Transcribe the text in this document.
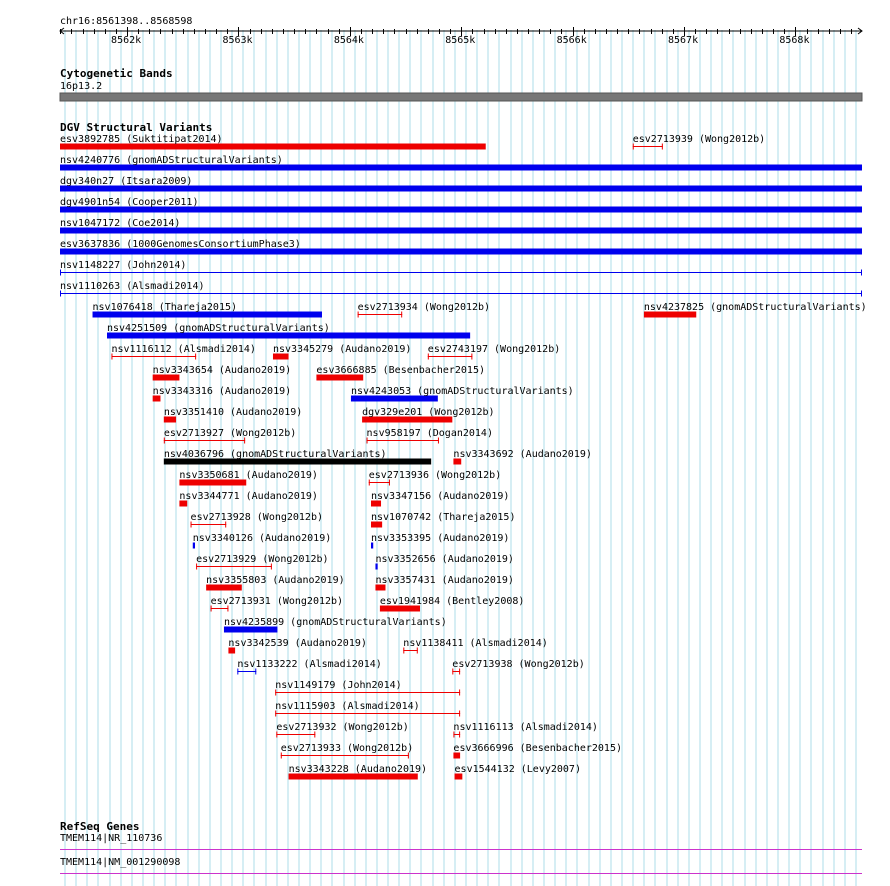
chr16:8561398..8568598
8562k	8563k	8564k	8565k	8566k	8567k	8568k
Cytogenetic Bands
16p13.2
DGV Structural Variants
esv3892785 (Suktitipat2014)	esv2713939 (Wong2012b)
nsv4240776 (gnomADStructuralVariants)
dgv340n27 (Itsara2009)
dgv4901n54 (Cooper2011)
nsv1047172 (Coe2014)
esv3637836 (1000GenomesConsortiumPhase3)
nsv1148227 (John2014)
nsv1110263 (Alsmadi2014)
nsv1076418 (Thareja2015)	esv2713934 (Wong2012b)	nsv4237825 (gnomADStructuralVariants)
nsv4251509 (gnomADStructuralVariants)
nsv1116112 (Alsmadi2014) nsv3345279 (Audano2019) esv2743197 (Wong2012b)
nsv3343654 (Audano2019)	esv3666885 (Besenbacher2015)
nsv3343316 (Audano2019)	nsv4243053 (gnomADStructuralVariants)
nsv3351410 (Audano2019)	dgv329e201 (Wong2012b)
esv2713927 (Wong2012b)	nsv958197 (Dogan2014)
nsv4036796 (gnomADStructuralVariants)	nsv3343692 (Audano2019)
nsv3350681 (Audano2019)	esv2713936 (Wong2012b)
nsv3344771 (Audano2019)	nsv3347156 (Audano2019)
esv2713928 (Wong2012b)	nsv1070742 (Thareja2015)
nsv3340126 (Audano2019)	nsv3353395 (Audano2019)
esv2713929 (Wong2012b)	nsv3352656 (Audano2019)
nsv3355803 (Audano2019)	nsv3357431 (Audano2019)
esv2713931 (Wong2012b)	esv1941984 (Bentley2008)
nsv4235899 (gnomADStructuralVariants)
nsv3342539 (Audano2019)	nsv1138411 (Alsmadi2014)
nsv1133222 (Alsmadi2014)	esv2713938 (Wong2012b)
nsv1149179 (John2014)
nsv1115903 (Alsmadi2014)
esv2713932 (Wong2012b)	nsv1116113 (Alsmadi2014)
esv2713933 (Wong2012b)	esv3666996 (Besenbacher2015)
nsv3343228 (Audano2019)	esv1544132 (Levy2007)
RefSeq Genes
TMEM114|NR_110736
TMEM114|NM_001290098
